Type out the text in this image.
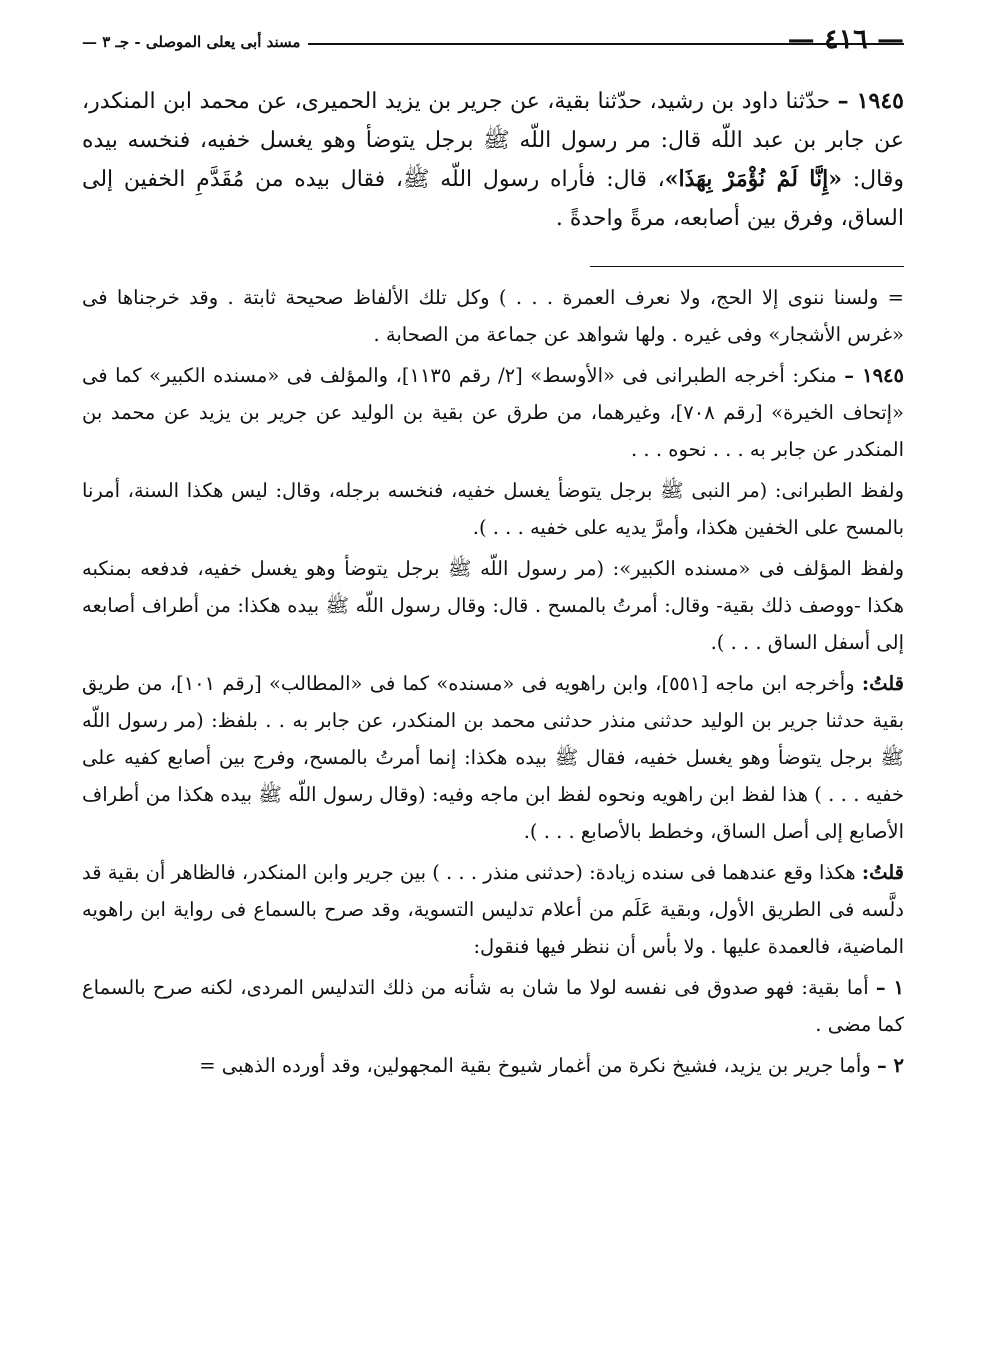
— ٤١٦ —
مسند أبى يعلى الموصلى - جـ ٣ —
١٩٤٥ – حدّثنا داود بن رشيد، حدّثنا بقية، عن جرير بن يزيد الحميرى، عن محمد ابن المنكدر، عن جابر بن عبد اللّه قال: مر رسول اللّه ﷺ برجل يتوضأ وهو يغسل خفيه، فنخسه بيده وقال: «إِنَّا لَمْ نُؤْمَرْ بِهَذَا»، قال: فأراه رسول اللّه ﷺ، فقال بيده من مُقَدَّمِ الخفين إلى الساق، وفرق بين أصابعه، مرةً واحدةً .

= ولسنا ننوى إلا الحج، ولا نعرف العمرة . . . ) وكل تلك الألفاظ صحيحة ثابتة . وقد خرجناها فى «غرس الأشجار» وفى غيره . ولها شواهد عن جماعة من الصحابة .

١٩٤٥ – منكر: أخرجه الطبرانى فى «الأوسط» [٢/ رقم ١١٣٥]، والمؤلف فى «مسنده الكبير» كما فى «إتحاف الخيرة» [رقم ٧٠٨]، وغيرهما، من طرق عن بقية بن الوليد عن جرير بن يزيد عن محمد بن المنكدر عن جابر به . . . نحوه . . .

ولفظ الطبرانى: (مر النبى ﷺ برجل يتوضأ يغسل خفيه، فنخسه برجله، وقال: ليس هكذا السنة، أمرنا بالمسح على الخفين هكذا، وأمرَّ يديه على خفيه . . . ).

ولفظ المؤلف فى «مسنده الكبير»: (مر رسول اللّه ﷺ برجل يتوضأ وهو يغسل خفيه، فدفعه بمنكبه هكذا -ووصف ذلك بقية- وقال: أمرتُ بالمسح . قال: وقال رسول اللّه ﷺ بيده هكذا: من أطراف أصابعه إلى أسفل الساق . . . ).

قلتُ: وأخرجه ابن ماجه [٥٥١]، وابن راهويه فى «مسنده» كما فى «المطالب» [رقم ١٠١]، من طريق بقية حدثنا جرير بن الوليد حدثنى منذر حدثنى محمد بن المنكدر، عن جابر به . . بلفظ: (مر رسول اللّه ﷺ برجل يتوضأ وهو يغسل خفيه، فقال ﷺ بيده هكذا: إنما أمرتُ بالمسح، وفرج بين أصابع كفيه على خفيه . . . ) هذا لفظ ابن راهويه ونحوه لفظ ابن ماجه وفيه: (وقال رسول اللّه ﷺ بيده هكذا من أطراف الأصابع إلى أصل الساق، وخطط بالأصابع . . . ).

قلتُ: هكذا وقع عندهما فى سنده زيادة: (حدثنى منذر . . . ) بين جرير وابن المنكدر، فالظاهر أن بقية قد دلَّسه فى الطريق الأول، وبقية عَلَم من أعلام تدليس التسوية، وقد صرح بالسماع فى رواية ابن راهويه الماضية، فالعمدة عليها . ولا بأس أن ننظر فيها فنقول:

١ – أما بقية: فهو صدوق فى نفسه لولا ما شان به شأنه من ذلك التدليس المردى، لكنه صرح بالسماع كما مضى .

٢ – وأما جرير بن يزيد، فشيخ نكرة من أغمار شيوخ بقية المجهولين، وقد أورده الذهبى =
